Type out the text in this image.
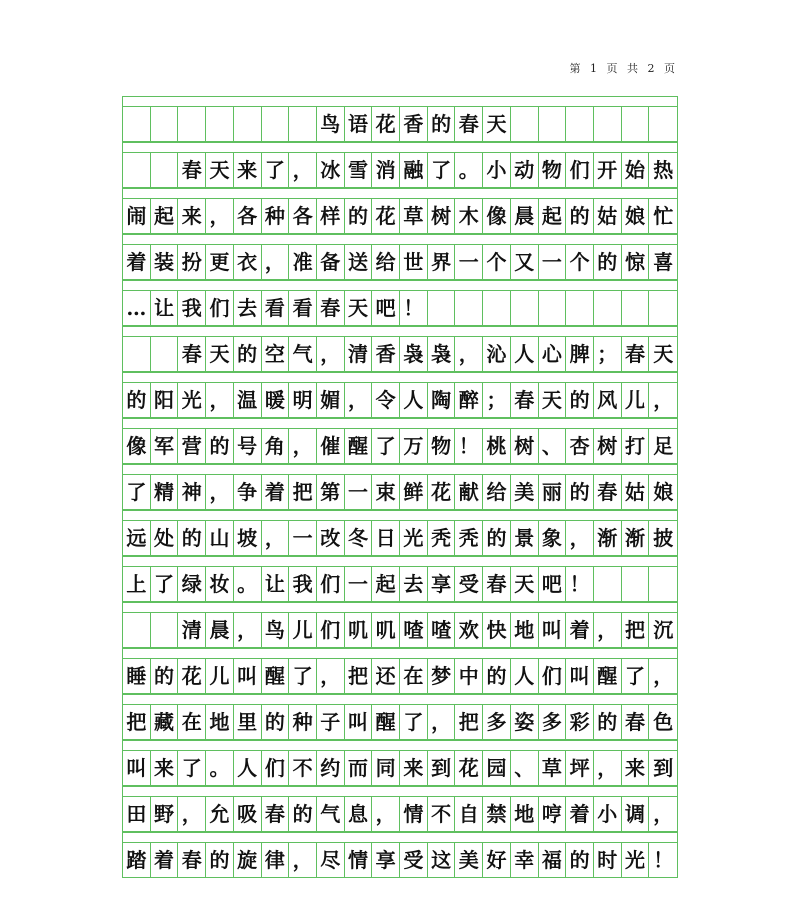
第 1 页 共 2 页
鸟 语 花 香 的 春 天
春 天 来 了 ， 冰 雪 消 融 了 。 小 动 物 们 开 始 热
闹 起 来 ， 各 种 各 样 的 花 草 树 木 像 晨 起 的 姑 娘 忙
着 装 扮 更 衣 ， 准 备 送 给 世 界 一 个 又 一 个 的 惊 喜
… 让 我 们 去 看 看 春 天 吧 ！
春 天 的 空 气 ， 清 香 袅 袅 ， 沁 人 心 脾 ； 春 天
的 阳 光 ， 温 暖 明 媚 ， 令 人 陶 醉 ； 春 天 的 风 儿 ，
像 军 营 的 号 角 ， 催 醒 了 万 物 ！ 桃 树 、 杏 树 打 足
了 精 神 ， 争 着 把 第 一 束 鲜 花 献 给 美 丽 的 春 姑 娘
远 处 的 山 坡 ， 一 改 冬 日 光 秃 秃 的 景 象 ， 渐 渐 披
上 了 绿 妆 。 让 我 们 一 起 去 享 受 春 天 吧 ！
清 晨 ， 鸟 儿 们 叽 叽 喳 喳 欢 快 地 叫 着 ， 把 沉
睡 的 花 儿 叫 醒 了 ， 把 还 在 梦 中 的 人 们 叫 醒 了 ，
把 藏 在 地 里 的 种 子 叫 醒 了 ， 把 多 姿 多 彩 的 春 色
叫 来 了 。 人 们 不 约 而 同 来 到 花 园 、 草 坪 ， 来 到
田 野 ， 允 吸 春 的 气 息 ， 情 不 自 禁 地 哼 着 小 调 ，
踏 着 春 的 旋 律 ， 尽 情 享 受 这 美 好 幸 福 的 时 光 ！
